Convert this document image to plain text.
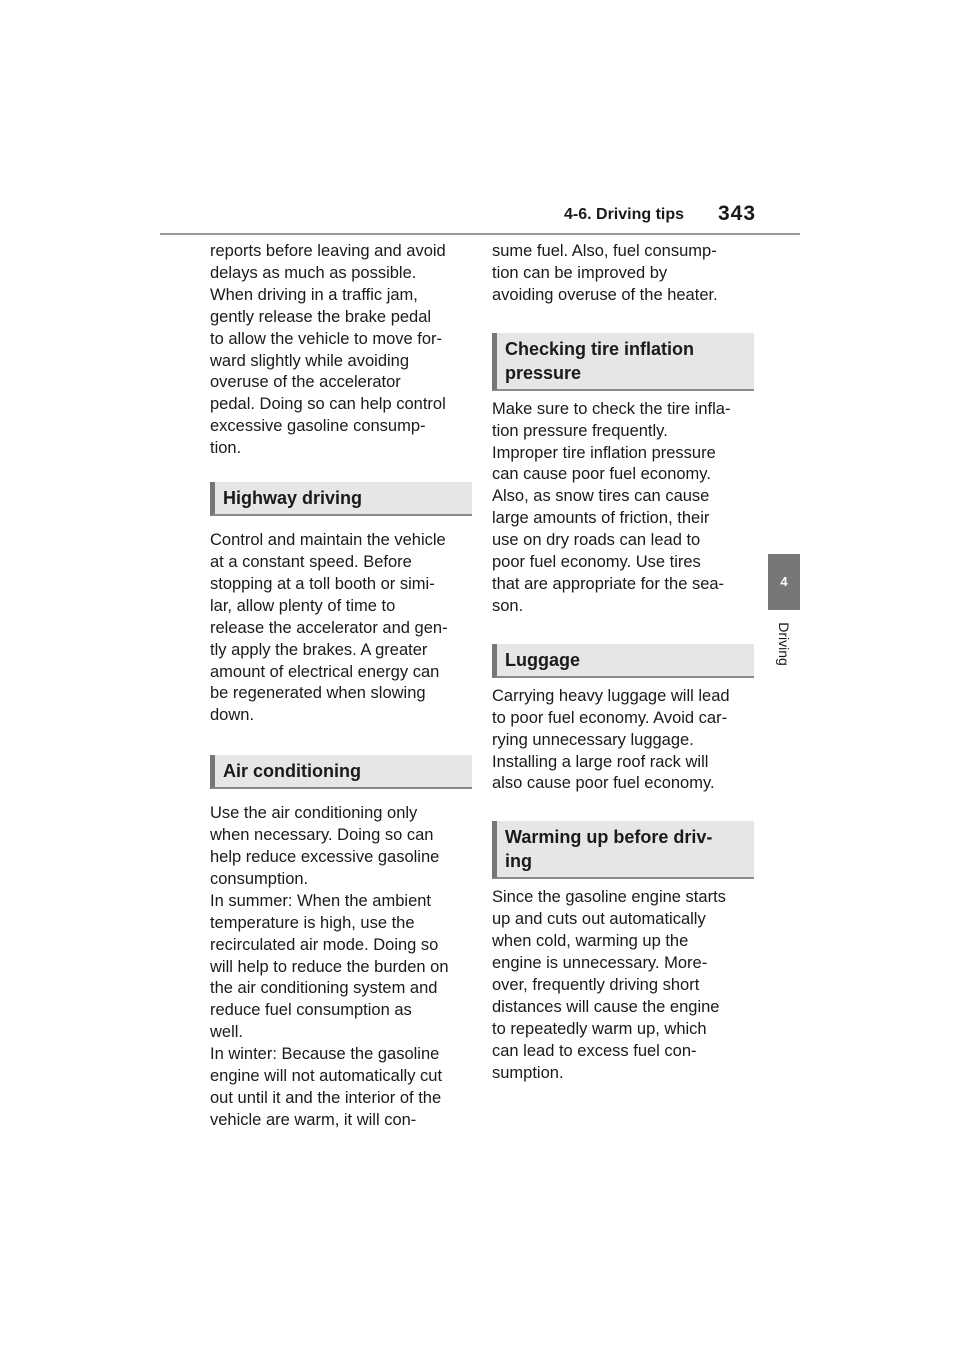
4-6. Driving tips 343
4
Driving

reports before leaving and avoid
delays as much as possible.
When driving in a traffic jam,
gently release the brake pedal
to allow the vehicle to move for-
ward slightly while avoiding
overuse of the accelerator
pedal. Doing so can help control
excessive gasoline consump-
tion.

Highway driving

Control and maintain the vehicle
at a constant speed. Before
stopping at a toll booth or simi-
lar, allow plenty of time to
release the accelerator and gen-
tly apply the brakes. A greater
amount of electrical energy can
be regenerated when slowing
down.

Air conditioning

Use the air conditioning only
when necessary. Doing so can
help reduce excessive gasoline
consumption.
In summer: When the ambient
temperature is high, use the
recirculated air mode. Doing so
will help to reduce the burden on
the air conditioning system and
reduce fuel consumption as
well.
In winter: Because the gasoline
engine will not automatically cut
out until it and the interior of the
vehicle are warm, it will con-

sume fuel. Also, fuel consump-
tion can be improved by
avoiding overuse of the heater.

Checking tire inflation
pressure

Make sure to check the tire infla-
tion pressure frequently.
Improper tire inflation pressure
can cause poor fuel economy.
Also, as snow tires can cause
large amounts of friction, their
use on dry roads can lead to
poor fuel economy. Use tires
that are appropriate for the sea-
son.

Luggage

Carrying heavy luggage will lead
to poor fuel economy. Avoid car-
rying unnecessary luggage.
Installing a large roof rack will
also cause poor fuel economy.

Warming up before driv-
ing

Since the gasoline engine starts
up and cuts out automatically
when cold, warming up the
engine is unnecessary. More-
over, frequently driving short
distances will cause the engine
to repeatedly warm up, which
can lead to excess fuel con-
sumption.
